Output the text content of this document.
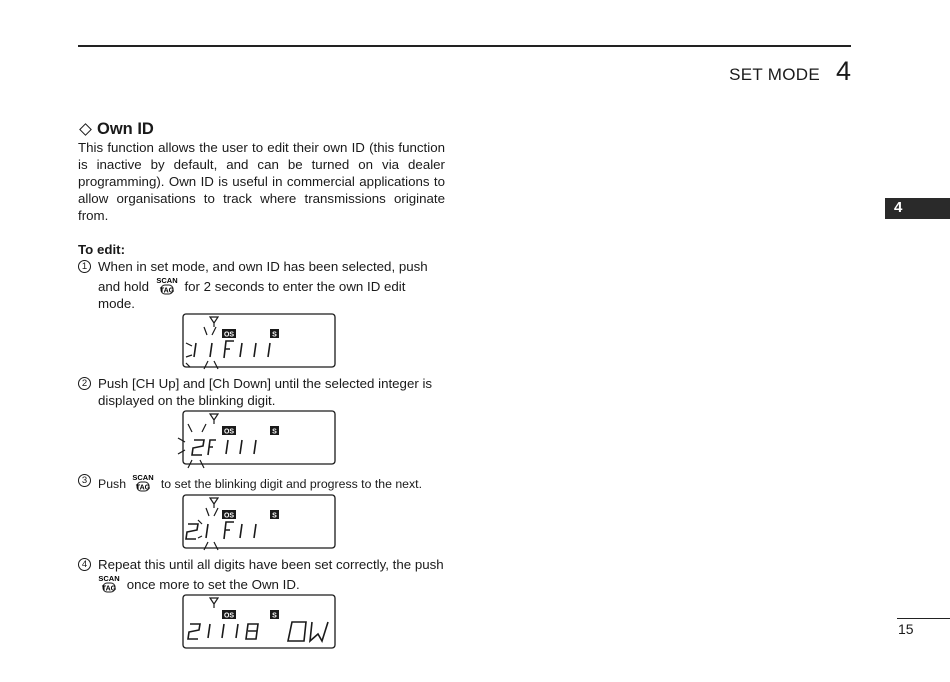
SET MODE 4
4
Own ID

This function allows the user to edit their own ID (this function is inactive by default, and can be turned on via dealer programming). Own ID is useful in commercial applications to allow organisations to track where transmissions originate from.

To edit:
1 When in set mode, and own ID has been selected, push and hold SCAN
TAG for 2 seconds to enter the own ID edit mode.
OS	S
2 Push [CH Up] and [Ch Down] until the selected integer is displayed on the blinking digit.
OS	S
3 Push SCAN
TAG to set the blinking digit and progress to the next.
OS	S
4 Repeat this until all digits have been set correctly, the push

SCAN
TAG once more to set the Own ID.
OS	S
15
